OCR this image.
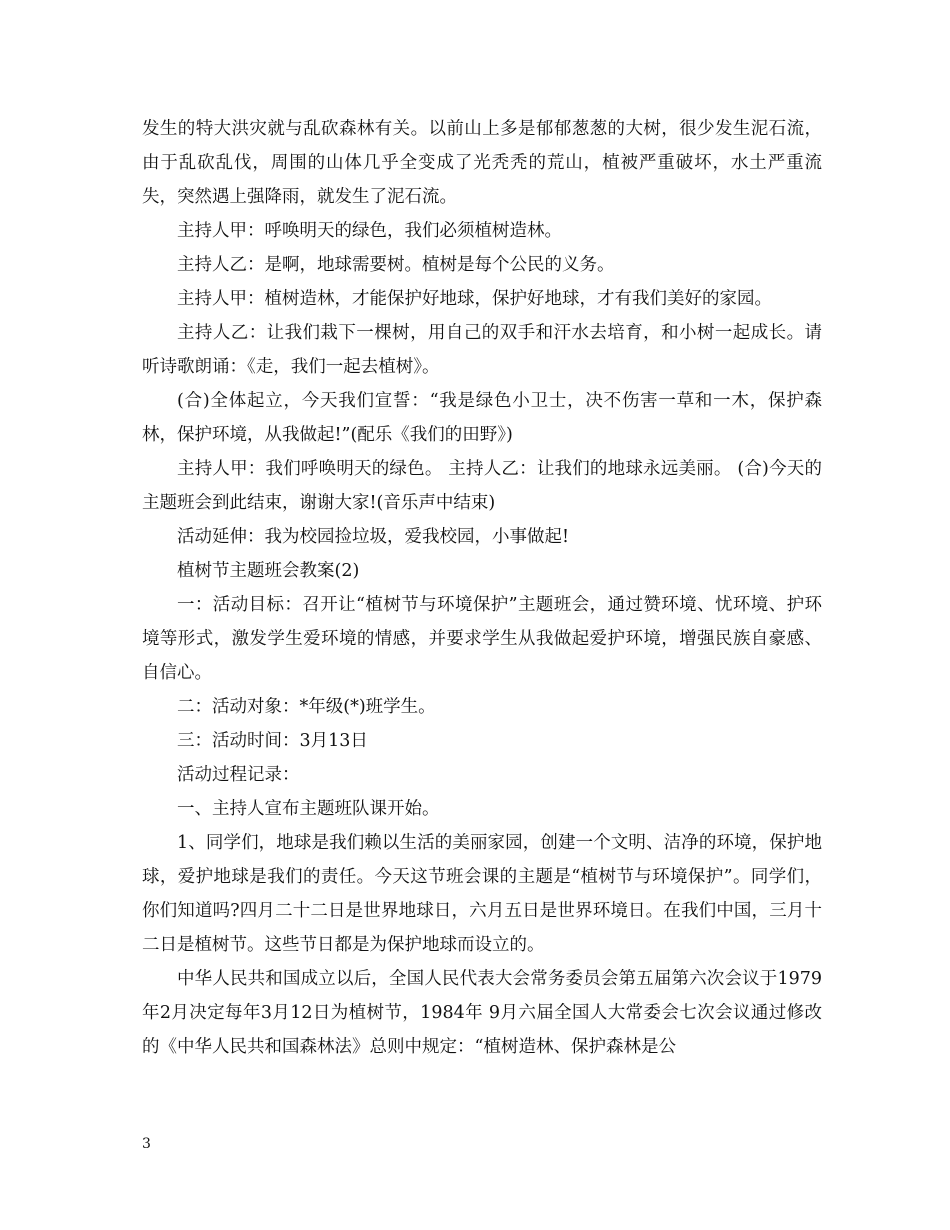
发生的特大洪灾就与乱砍森林有关。以前山上多是郁郁葱葱的大树，很少发生泥石流，由于乱砍乱伐，周围的山体几乎全变成了光秃秃的荒山，植被严重破坏，水土严重流失，突然遇上强降雨，就发生了泥石流。

主持人甲：呼唤明天的绿色，我们必须植树造林。

主持人乙：是啊，地球需要树。植树是每个公民的义务。

主持人甲：植树造林，才能保护好地球，保护好地球，才有我们美好的家园。

主持人乙：让我们栽下一棵树，用自己的双手和汗水去培育，和小树一起成长。请听诗歌朗诵：《走，我们一起去植树》。

(合)全体起立，今天我们宣誓：“我是绿色小卫士，决不伤害一草和一木，保护森林，保护环境，从我做起!”(配乐《我们的田野》)

主持人甲：我们呼唤明天的绿色。 主持人乙：让我们的地球永远美丽。 (合)今天的主题班会到此结束，谢谢大家!(音乐声中结束)

活动延伸：我为校园捡垃圾，爱我校园，小事做起!

植树节主题班会教案(2)

一：活动目标：召开让“植树节与环境保护”主题班会，通过赞环境、忧环境、护环境等形式，激发学生爱环境的情感，并要求学生从我做起爱护环境，增强民族自豪感、自信心。

二：活动对象：*年级(*)班学生。

三：活动时间：3月13日

活动过程记录：

一、主持人宣布主题班队课开始。

1、同学们，地球是我们赖以生活的美丽家园，创建一个文明、洁净的环境，保护地球，爱护地球是我们的责任。今天这节班会课的主题是“植树节与环境保护”。同学们，你们知道吗?四月二十二日是世界地球日，六月五日是世界环境日。在我们中国，三月十二日是植树节。这些节日都是为保护地球而设立的。

中华人民共和国成立以后，全国人民代表大会常务委员会第五届第六次会议于1979年2月决定每年3月12日为植树节，1984年 9月六届全国人大常委会七次会议通过修改的《中华人民共和国森林法》总则中规定：“植树造林、保护森林是公

3
